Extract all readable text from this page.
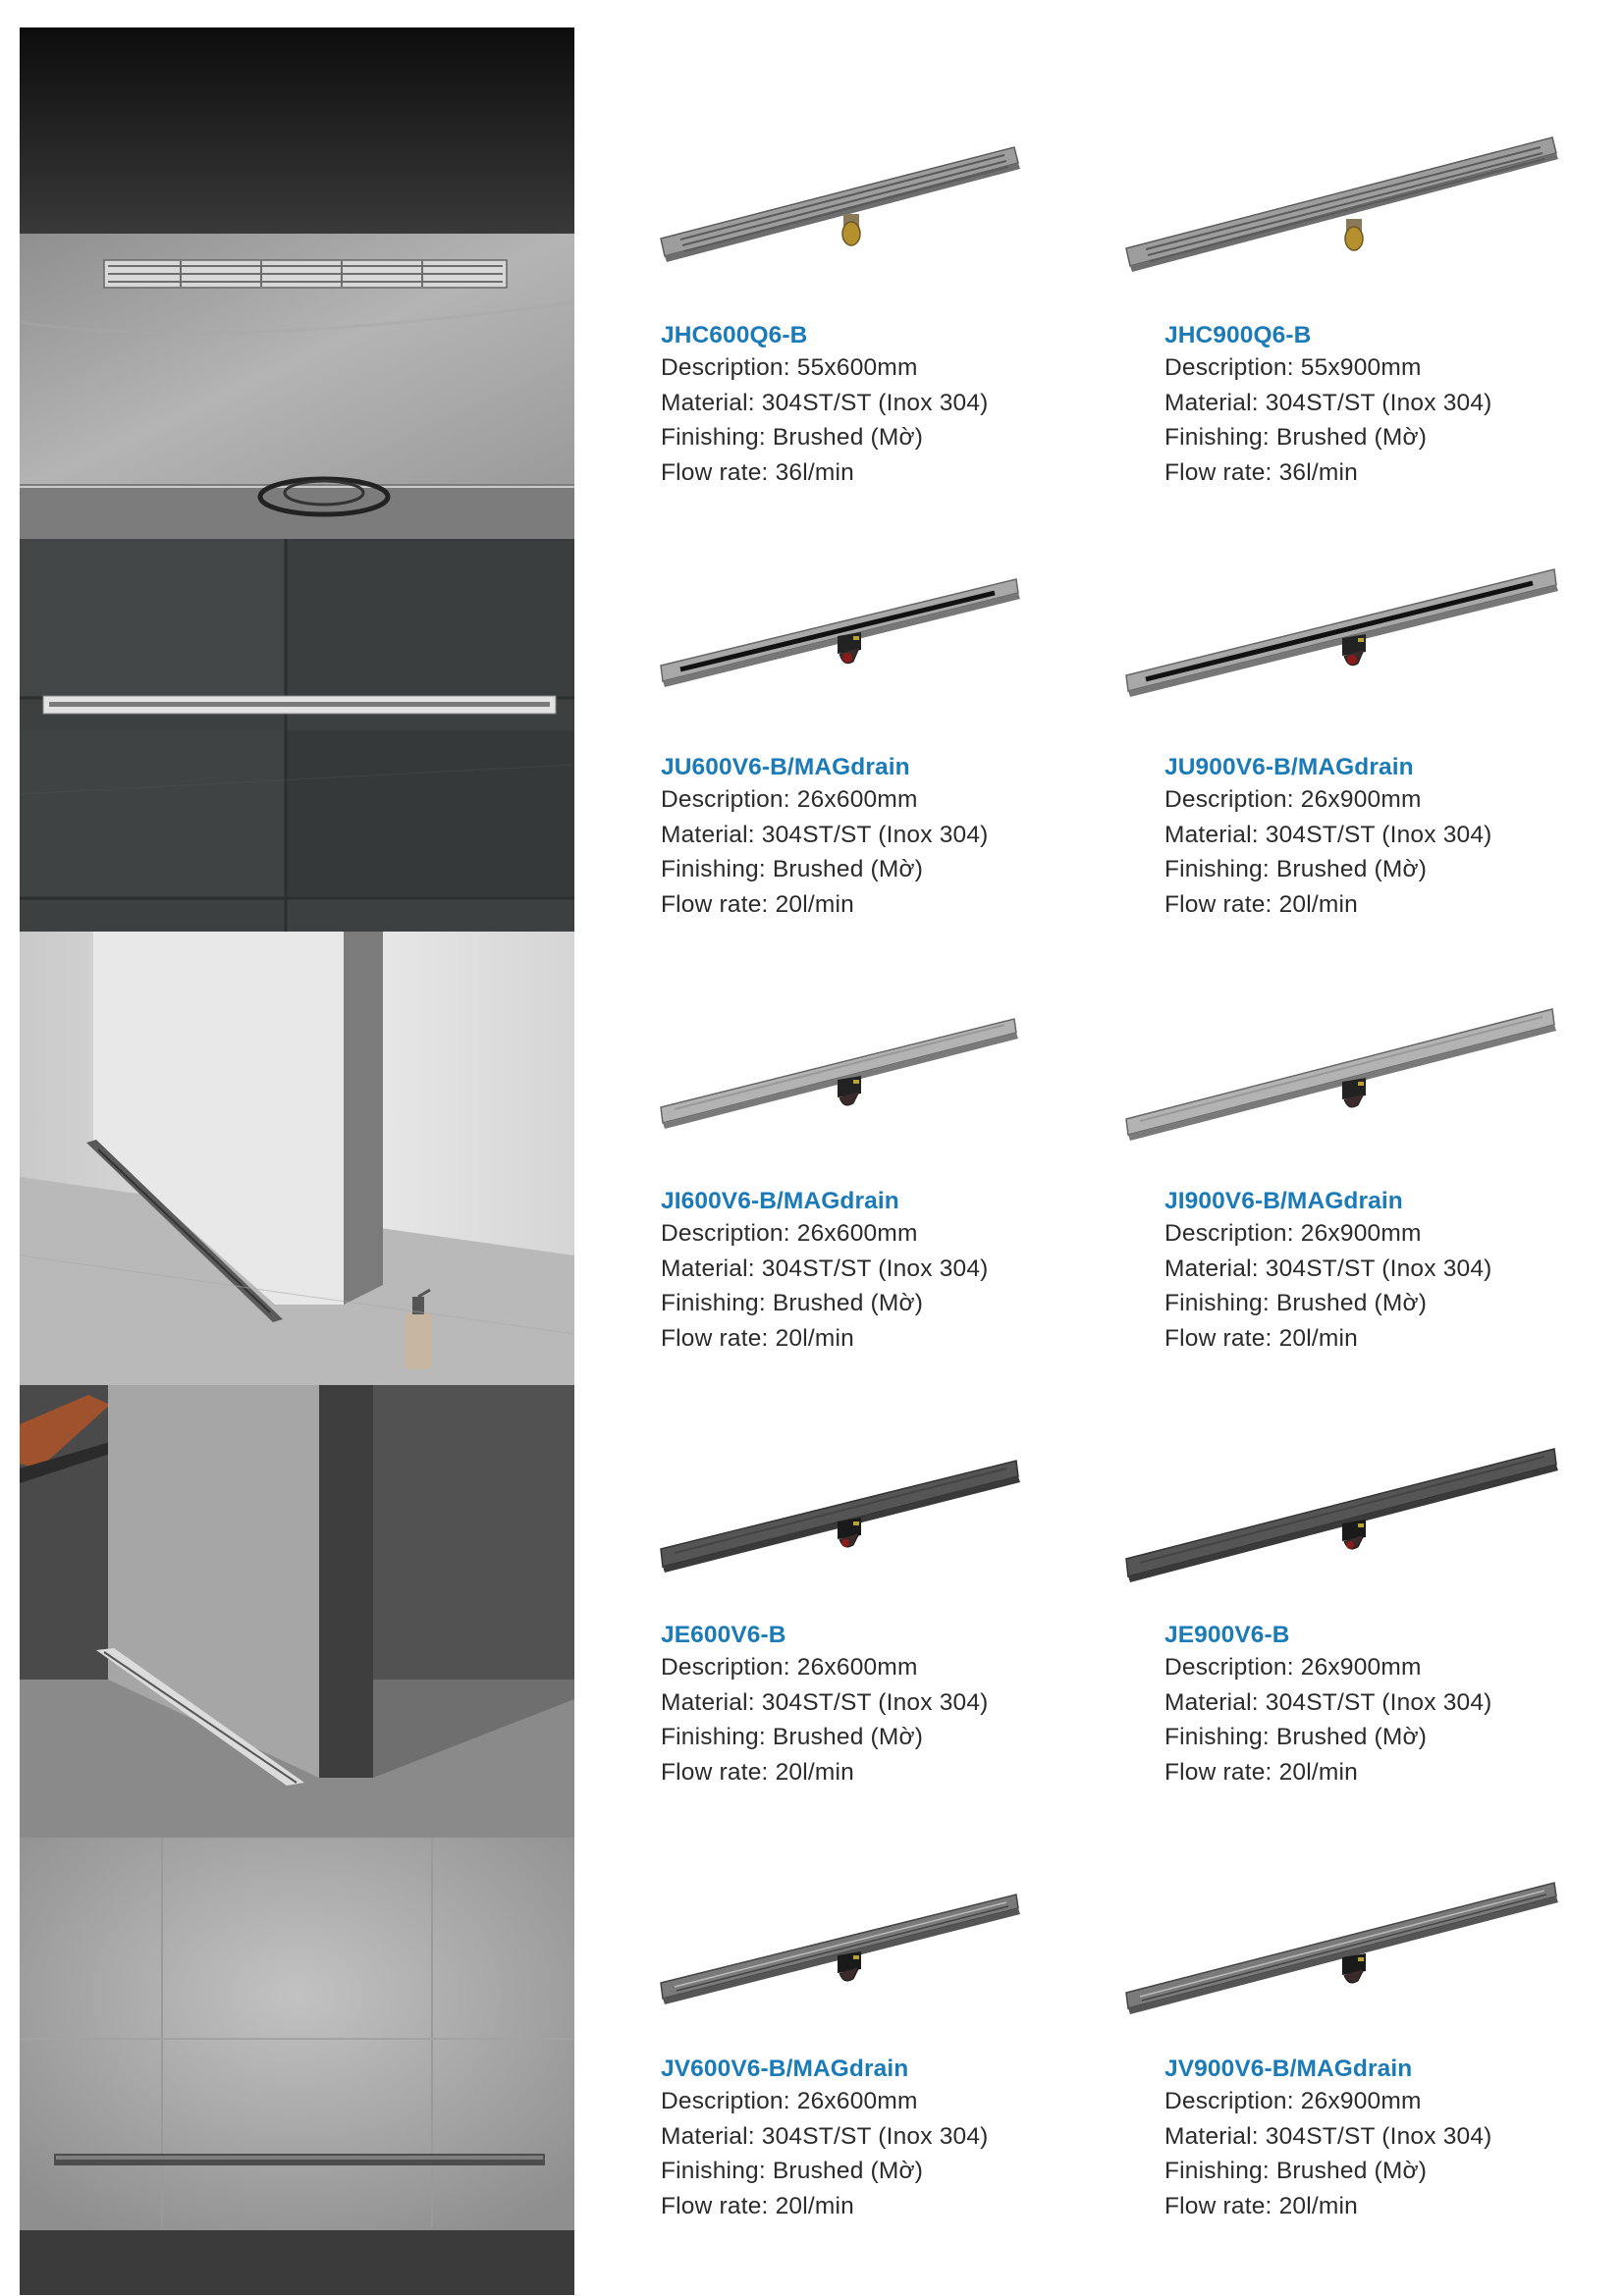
JHC600Q6-B
Description: 55x600mm
Material: 304ST/ST (Inox 304)
Finishing: Brushed (Mờ)
Flow rate: 36l/min
JHC900Q6-B
Description: 55x900mm
Material: 304ST/ST (Inox 304)
Finishing: Brushed (Mờ)
Flow rate: 36l/min
JU600V6-B/MAGdrain
Description: 26x600mm
Material: 304ST/ST (Inox 304)
Finishing: Brushed (Mờ)
Flow rate: 20l/min
JU900V6-B/MAGdrain
Description: 26x900mm
Material: 304ST/ST (Inox 304)
Finishing: Brushed (Mờ)
Flow rate: 20l/min
JI600V6-B/MAGdrain
Description: 26x600mm
Material: 304ST/ST (Inox 304)
Finishing: Brushed (Mờ)
Flow rate: 20l/min
JI900V6-B/MAGdrain
Description: 26x900mm
Material: 304ST/ST (Inox 304)
Finishing: Brushed (Mờ)
Flow rate: 20l/min
JE600V6-B
Description: 26x600mm
Material: 304ST/ST (Inox 304)
Finishing: Brushed (Mờ)
Flow rate: 20l/min
JE900V6-B
Description: 26x900mm
Material: 304ST/ST (Inox 304)
Finishing: Brushed (Mờ)
Flow rate: 20l/min
JV600V6-B/MAGdrain
Description: 26x600mm
Material: 304ST/ST (Inox 304)
Finishing: Brushed (Mờ)
Flow rate: 20l/min
JV900V6-B/MAGdrain
Description: 26x900mm
Material: 304ST/ST (Inox 304)
Finishing: Brushed (Mờ)
Flow rate: 20l/min
